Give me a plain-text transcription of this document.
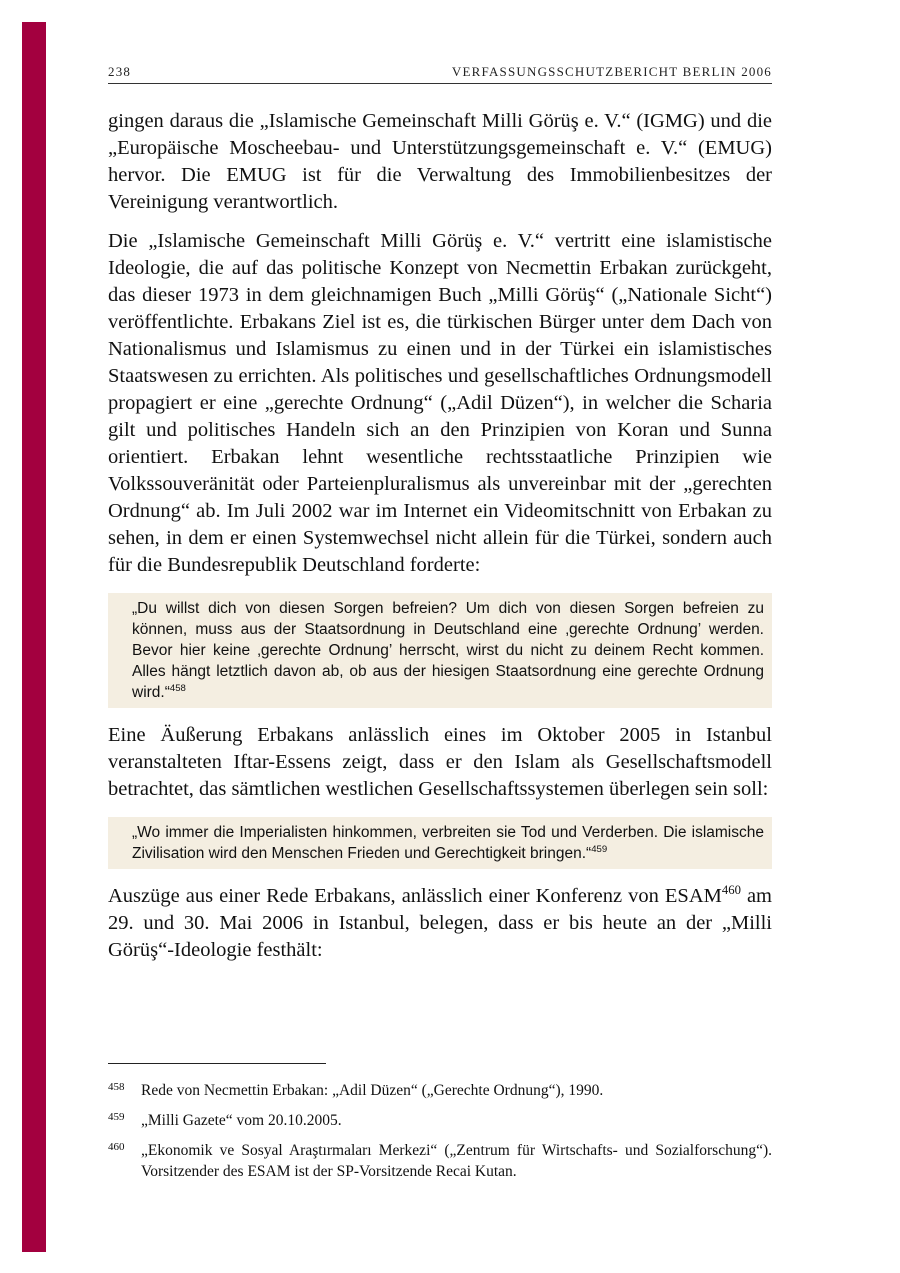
238	VERFASSUNGSSCHUTZBERICHT BERLIN 2006

gingen daraus die „Islamische Gemeinschaft Milli Görüş e. V.“ (IGMG) und die „Europäische Moscheebau- und Unterstützungsgemeinschaft e. V.“ (EMUG) hervor. Die EMUG ist für die Verwaltung des Immobilienbesitzes der Vereinigung verantwortlich.

Die „Islamische Gemeinschaft Milli Görüş e. V.“ vertritt eine islamistische Ideologie, die auf das politische Konzept von Necmettin Erbakan zurückgeht, das dieser 1973 in dem gleichnamigen Buch „Milli Görüş“ („Nationale Sicht“) veröffentlichte. Erbakans Ziel ist es, die türkischen Bürger unter dem Dach von Nationalismus und Islamismus zu einen und in der Türkei ein islamistisches Staatswesen zu errichten. Als politisches und gesellschaftliches Ordnungsmodell propagiert er eine „gerechte Ordnung“ („Adil Düzen“), in welcher die Scharia gilt und politisches Handeln sich an den Prinzipien von Koran und Sunna orientiert. Erbakan lehnt wesentliche rechtsstaatliche Prinzipien wie Volkssouveränität oder Parteienpluralismus als unvereinbar mit der „gerechten Ordnung“ ab. Im Juli 2002 war im Internet ein Videomitschnitt von Erbakan zu sehen, in dem er einen Systemwechsel nicht allein für die Türkei, sondern auch für die Bundesrepublik Deutschland forderte:

„Du willst dich von diesen Sorgen befreien? Um dich von diesen Sorgen befreien zu können, muss aus der Staatsordnung in Deutschland eine ‚gerechte Ordnung’ werden. Bevor hier keine ‚gerechte Ordnung’ herrscht, wirst du nicht zu deinem Recht kommen. Alles hängt letztlich davon ab, ob aus der hiesigen Staatsordnung eine gerechte Ordnung wird.“$^{458}$

Eine Äußerung Erbakans anlässlich eines im Oktober 2005 in Istanbul veranstalteten Iftar-Essens zeigt, dass er den Islam als Gesellschaftsmodell betrachtet, das sämtlichen westlichen Gesellschaftssystemen überlegen sein soll:

„Wo immer die Imperialisten hinkommen, verbreiten sie Tod und Verderben. Die islamische Zivilisation wird den Menschen Frieden und Gerechtigkeit bringen.“$^{459}$

Auszüge aus einer Rede Erbakans, anlässlich einer Konferenz von ESAM$^{460}$ am 29. und 30. Mai 2006 in Istanbul, belegen, dass er bis heute an der „Milli Görüş“-Ideologie festhält:

458 Rede von Necmettin Erbakan: „Adil Düzen“ („Gerechte Ordnung“), 1990.
459 „Milli Gazete“ vom 20.10.2005.
460 „Ekonomik ve Sosyal Araştırmaları Merkezi“ („Zentrum für Wirtschafts- und Sozialforschung“). Vorsitzender des ESAM ist der SP-Vorsitzende Recai Kutan.
